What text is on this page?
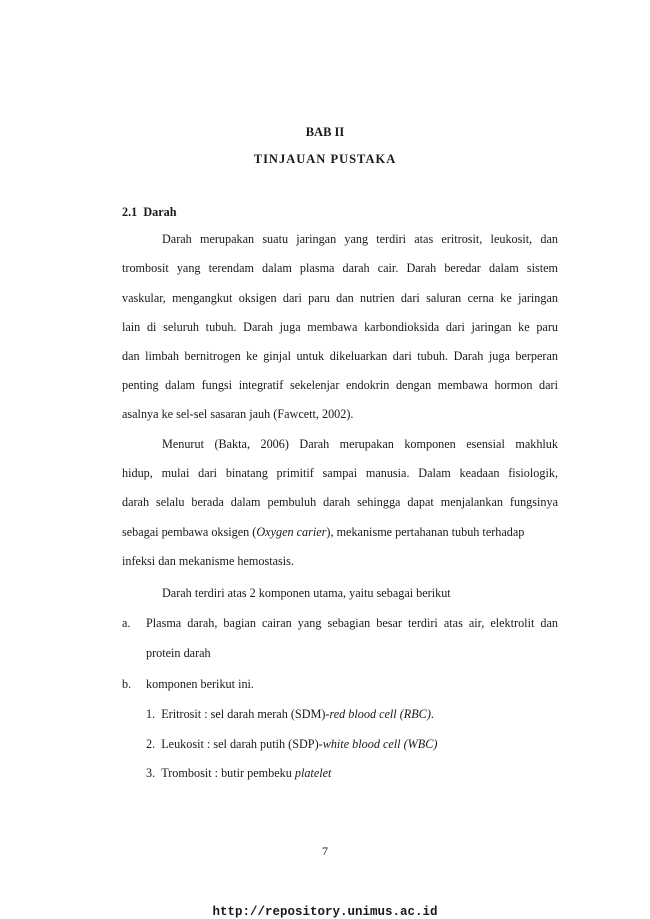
BAB II
TINJAUAN PUSTAKA
2.1 Darah
Darah merupakan suatu jaringan yang terdiri atas eritrosit, leukosit, dan
trombosit yang terendam dalam plasma darah cair. Darah beredar dalam sistem
vaskular, mengangkut oksigen dari paru dan nutrien dari saluran cerna ke jaringan
lain di seluruh tubuh. Darah juga membawa karbondioksida dari jaringan ke paru
dan limbah bernitrogen ke ginjal untuk dikeluarkan dari tubuh. Darah juga berperan
penting dalam fungsi integratif sekelenjar endokrin dengan membawa hormon dari
asalnya ke sel-sel sasaran jauh (Fawcett, 2002).
Menurut (Bakta, 2006) Darah merupakan komponen esensial makhluk
hidup, mulai dari binatang primitif sampai manusia. Dalam keadaan fisiologik,
darah selalu berada dalam pembuluh darah sehingga dapat menjalankan fungsinya
sebagai pembawa oksigen (Oxygen carier), mekanisme pertahanan tubuh terhadap
infeksi dan mekanisme hemostasis.
Darah terdiri atas 2 komponen utama, yaitu sebagai berikut
a.	Plasma darah, bagian cairan yang sebagian besar terdiri atas air, elektrolit dan
protein darah
b.	komponen berikut ini.
1. Eritrosit : sel darah merah (SDM)-red blood cell (RBC).
2. Leukosit : sel darah putih (SDP)-white blood cell (WBC)
3. Trombosit : butir pembeku platelet
7
http://repository.unimus.ac.id
